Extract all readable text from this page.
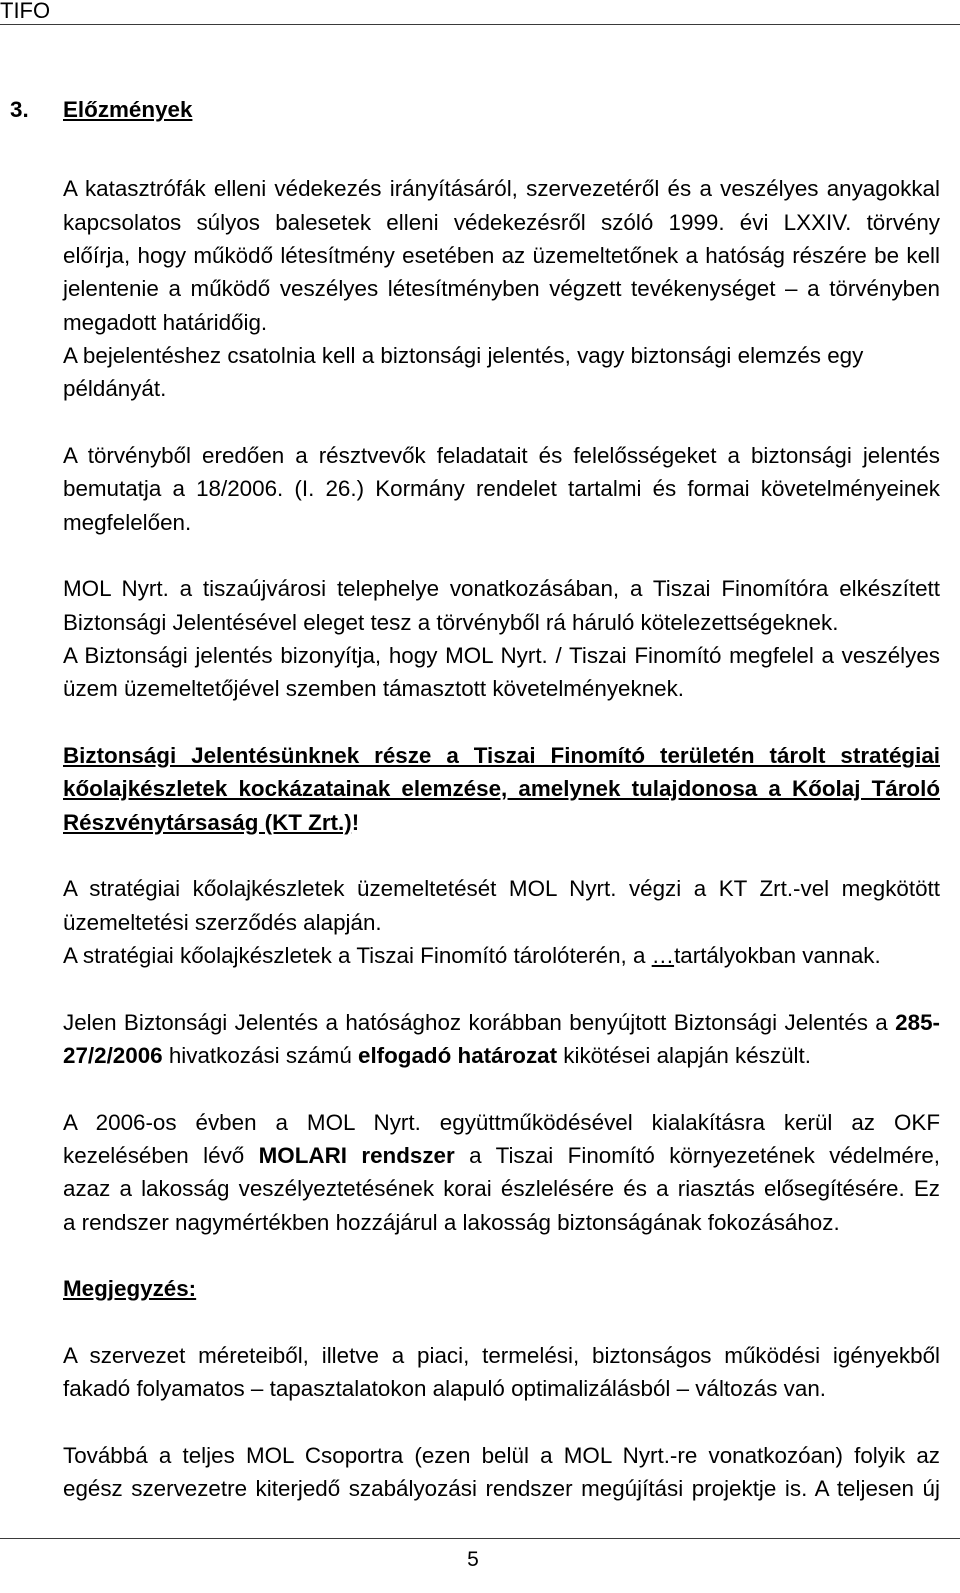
TIFO
3. Előzmények
A katasztrófák elleni védekezés irányításáról, szervezetéről és a veszélyes anyagokkal
kapcsolatos súlyos balesetek elleni védekezésről szóló 1999. évi LXXIV. törvény
előírja, hogy működő létesítmény esetében az üzemeltetőnek a hatóság részére be kell
jelentenie a működő veszélyes létesítményben végzett tevékenységet – a törvényben
megadott határidőig.
A bejelentéshez csatolnia kell a biztonsági jelentés, vagy biztonsági elemzés egy
példányát.
A törvényből eredően a résztvevők feladatait és felelősségeket a biztonsági jelentés
bemutatja a 18/2006. (I. 26.) Kormány rendelet tartalmi és formai követelményeinek
megfelelően.
MOL Nyrt. a tiszaújvárosi telephelye vonatkozásában, a Tiszai Finomítóra elkészített
Biztonsági Jelentésével eleget tesz a törvényből rá háruló kötelezettségeknek.
A Biztonsági jelentés bizonyítja, hogy MOL Nyrt. / Tiszai Finomító megfelel a veszélyes
üzem üzemeltetőjével szemben támasztott követelményeknek.
Biztonsági Jelentésünknek része a Tiszai Finomító területén tárolt stratégiai
kőolajkészletek kockázatainak elemzése, amelynek tulajdonosa a Kőolaj Tároló
Részvénytársaság (KT Zrt.)!
A stratégiai kőolajkészletek üzemeltetését MOL Nyrt. végzi a KT Zrt.-vel megkötött
üzemeltetési szerződés alapján.
A stratégiai kőolajkészletek a Tiszai Finomító tárolóterén, a …tartályokban vannak.
Jelen Biztonsági Jelentés a hatósághoz korábban benyújtott Biztonsági Jelentés a 285-
27/2/2006 hivatkozási számú elfogadó határozat kikötései alapján készült.
A 2006-os évben a MOL Nyrt. együttműködésével kialakításra kerül az OKF
kezelésében lévő MOLARI rendszer a Tiszai Finomító környezetének védelmére,
azaz a lakosság veszélyeztetésének korai észlelésére és a riasztás elősegítésére. Ez
a rendszer nagymértékben hozzájárul a lakosság biztonságának fokozásához.
Megjegyzés:
A szervezet méreteiből, illetve a piaci, termelési, biztonságos működési igényekből
fakadó folyamatos – tapasztalatokon alapuló optimalizálásból – változás van.
Továbbá a teljes MOL Csoportra (ezen belül a MOL Nyrt.-re vonatkozóan) folyik az
egész szervezetre kiterjedő szabályozási rendszer megújítási projektje is. A teljesen új
5
